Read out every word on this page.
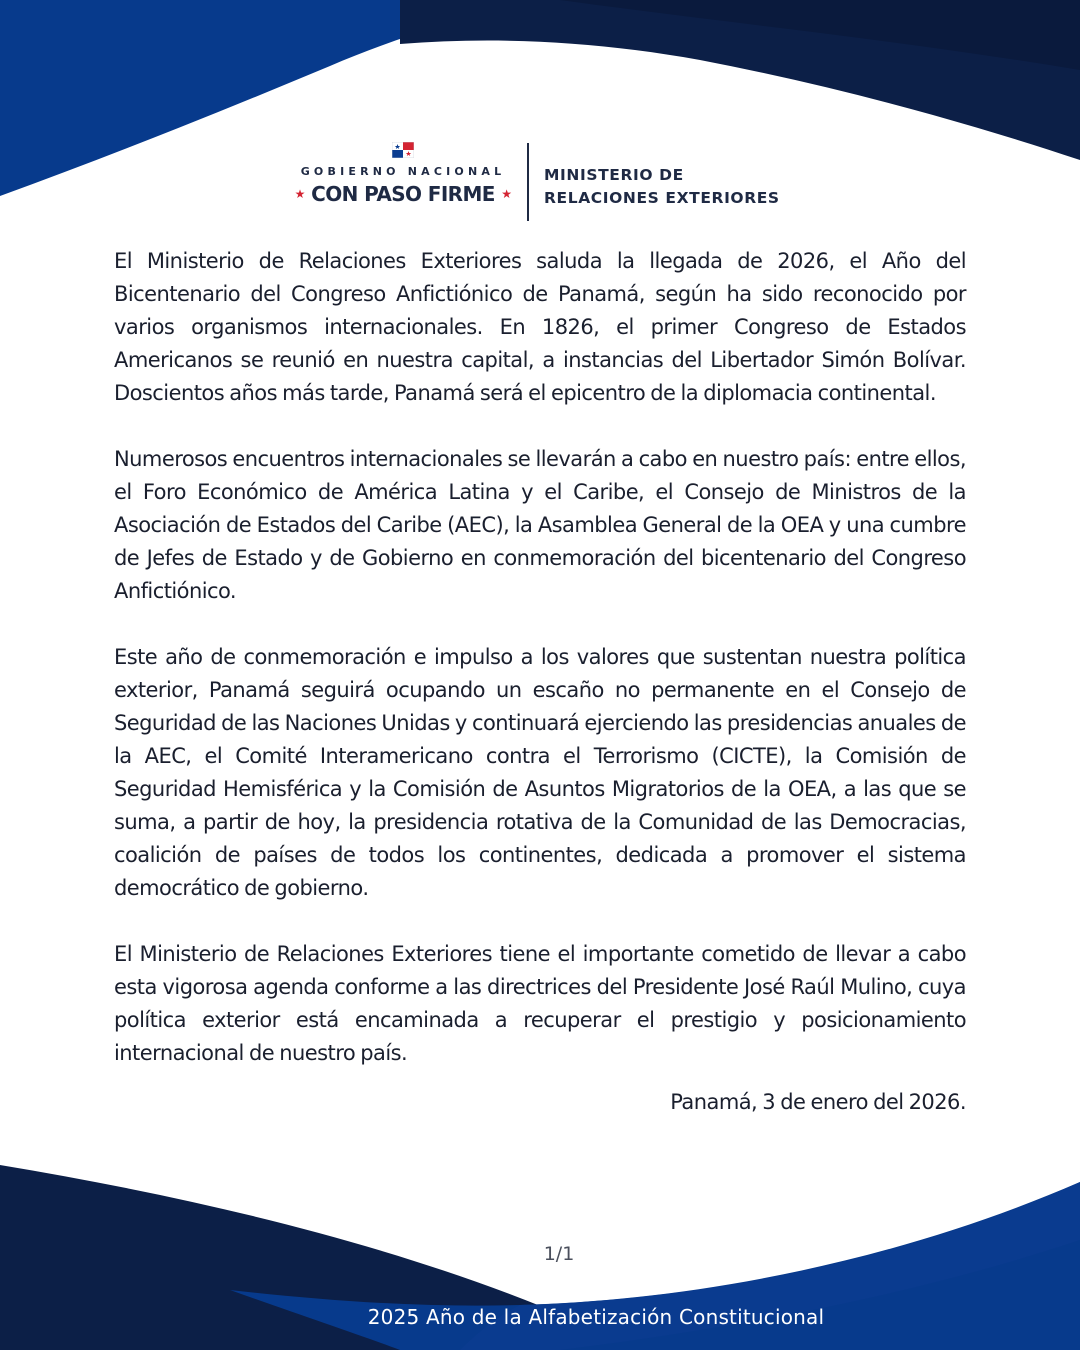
GOBIERNO NACIONAL
★ CON PASO FIRME ★
MINISTERIO DE
RELACIONES EXTERIORES

El Ministerio de Relaciones Exteriores saluda la llegada de 2026, el Año del Bicentenario del Congreso Anfictiónico de Panamá, según ha sido reconocido por varios organismos internacionales. En 1826, el primer Congreso de Estados Americanos se reunió en nuestra capital, a instancias del Libertador Simón Bolívar. Doscientos años más tarde, Panamá será el epicentro de la diplomacia continental.

Numerosos encuentros internacionales se llevarán a cabo en nuestro país: entre ellos, el Foro Económico de América Latina y el Caribe, el Consejo de Ministros de la Asociación de Estados del Caribe (AEC), la Asamblea General de la OEA y una cumbre de Jefes de Estado y de Gobierno en conmemoración del bicentenario del Congreso Anfictiónico.

Este año de conmemoración e impulso a los valores que sustentan nuestra política exterior, Panamá seguirá ocupando un escaño no permanente en el Consejo de Seguridad de las Naciones Unidas y continuará ejerciendo las presidencias anuales de la AEC, el Comité Interamericano contra el Terrorismo (CICTE), la Comisión de Seguridad Hemisférica y la Comisión de Asuntos Migratorios de la OEA, a las que se suma, a partir de hoy, la presidencia rotativa de la Comunidad de las Democracias, coalición de países de todos los continentes, dedicada a promover el sistema democrático de gobierno.

El Ministerio de Relaciones Exteriores tiene el importante cometido de llevar a cabo esta vigorosa agenda conforme a las directrices del Presidente José Raúl Mulino, cuya política exterior está encaminada a recuperar el prestigio y posicionamiento internacional de nuestro país.

Panamá, 3 de enero del 2026.
1/1
2025 Año de la Alfabetización Constitucional
